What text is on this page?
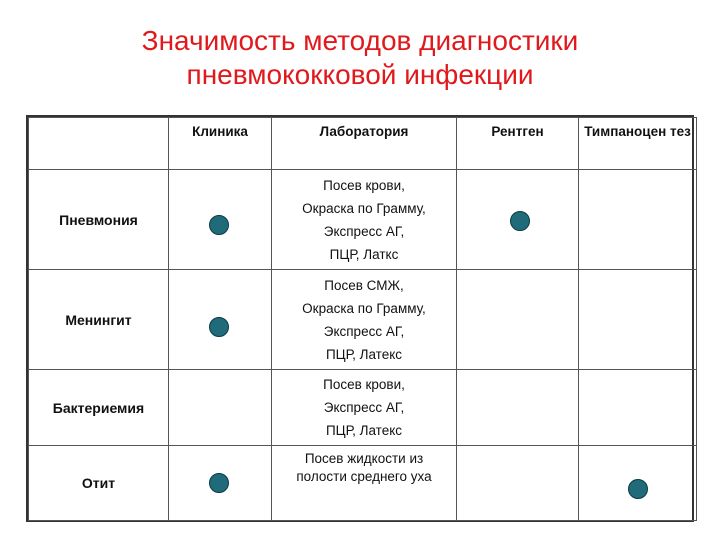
Значимость методов диагностики
пневмококковой инфекции
	Клиника	Лаборатория	Рентген	Тимпаноцен тез
Пневмония		Посев крови,
Окраска по Грамму,
Экспресс АГ,
ПЦР, Латкс		

Менингит		Посев СМЖ,
Окраска по Грамму,
Экспресс АГ,
ПЦР, Латекс		

Бактериемия		Посев крови,
Экспресс АГ,
ПЦР, Латекс		

Отит		Посев жидкости из
полости среднего уха		
